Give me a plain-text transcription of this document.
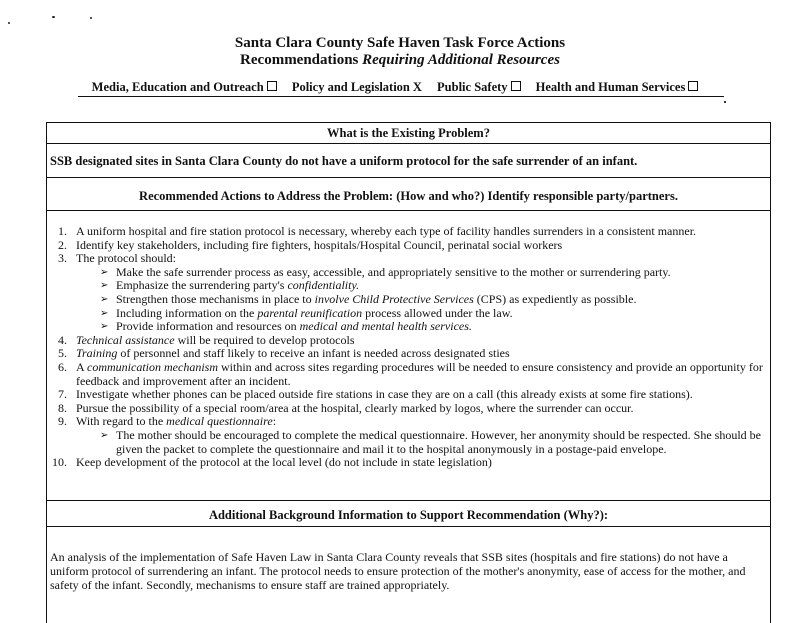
Santa Clara County Safe Haven Task Force Actions
Recommendations Requiring Additional Resources
Media, Education and Outreach Policy and Legislation X Public Safety Health and Human Services
What is the Existing Problem?
SSB designated sites in Santa Clara County do not have a uniform protocol for the safe surrender of an infant.
Recommended Actions to Address the Problem: (How and who?) Identify responsible party/partners.
1. A uniform hospital and fire station protocol is necessary, whereby each type of facility handles surrenders in a consistent manner.
2. Identify key stakeholders, including fire fighters, hospitals/Hospital Council, perinatal social workers
3. The protocol should:
➢ Make the safe surrender process as easy, accessible, and appropriately sensitive to the mother or surrendering party.
➢ Emphasize the surrendering party's confidentiality.
➢ Strengthen those mechanisms in place to involve Child Protective Services (CPS) as expediently as possible.
➢ Including information on the parental reunification process allowed under the law.
➢ Provide information and resources on medical and mental health services.
4. Technical assistance will be required to develop protocols
5. Training of personnel and staff likely to receive an infant is needed across designated sties
6. A communication mechanism within and across sites regarding procedures will be needed to ensure consistency and provide an opportunity for feedback and improvement after an incident.
7. Investigate whether phones can be placed outside fire stations in case they are on a call (this already exists at some fire stations).
8. Pursue the possibility of a special room/area at the hospital, clearly marked by logos, where the surrender can occur.
9. With regard to the medical questionnaire:
➢ The mother should be encouraged to complete the medical questionnaire. However, her anonymity should be respected. She should be given the packet to complete the questionnaire and mail it to the hospital anonymously in a postage-paid envelope.
10. Keep development of the protocol at the local level (do not include in state legislation)
Additional Background Information to Support Recommendation (Why?):
An analysis of the implementation of Safe Haven Law in Santa Clara County reveals that SSB sites (hospitals and fire stations) do not have a uniform protocol of surrendering an infant. The protocol needs to ensure protection of the mother's anonymity, ease of access for the mother, and safety of the infant. Secondly, mechanisms to ensure staff are trained appropriately.
